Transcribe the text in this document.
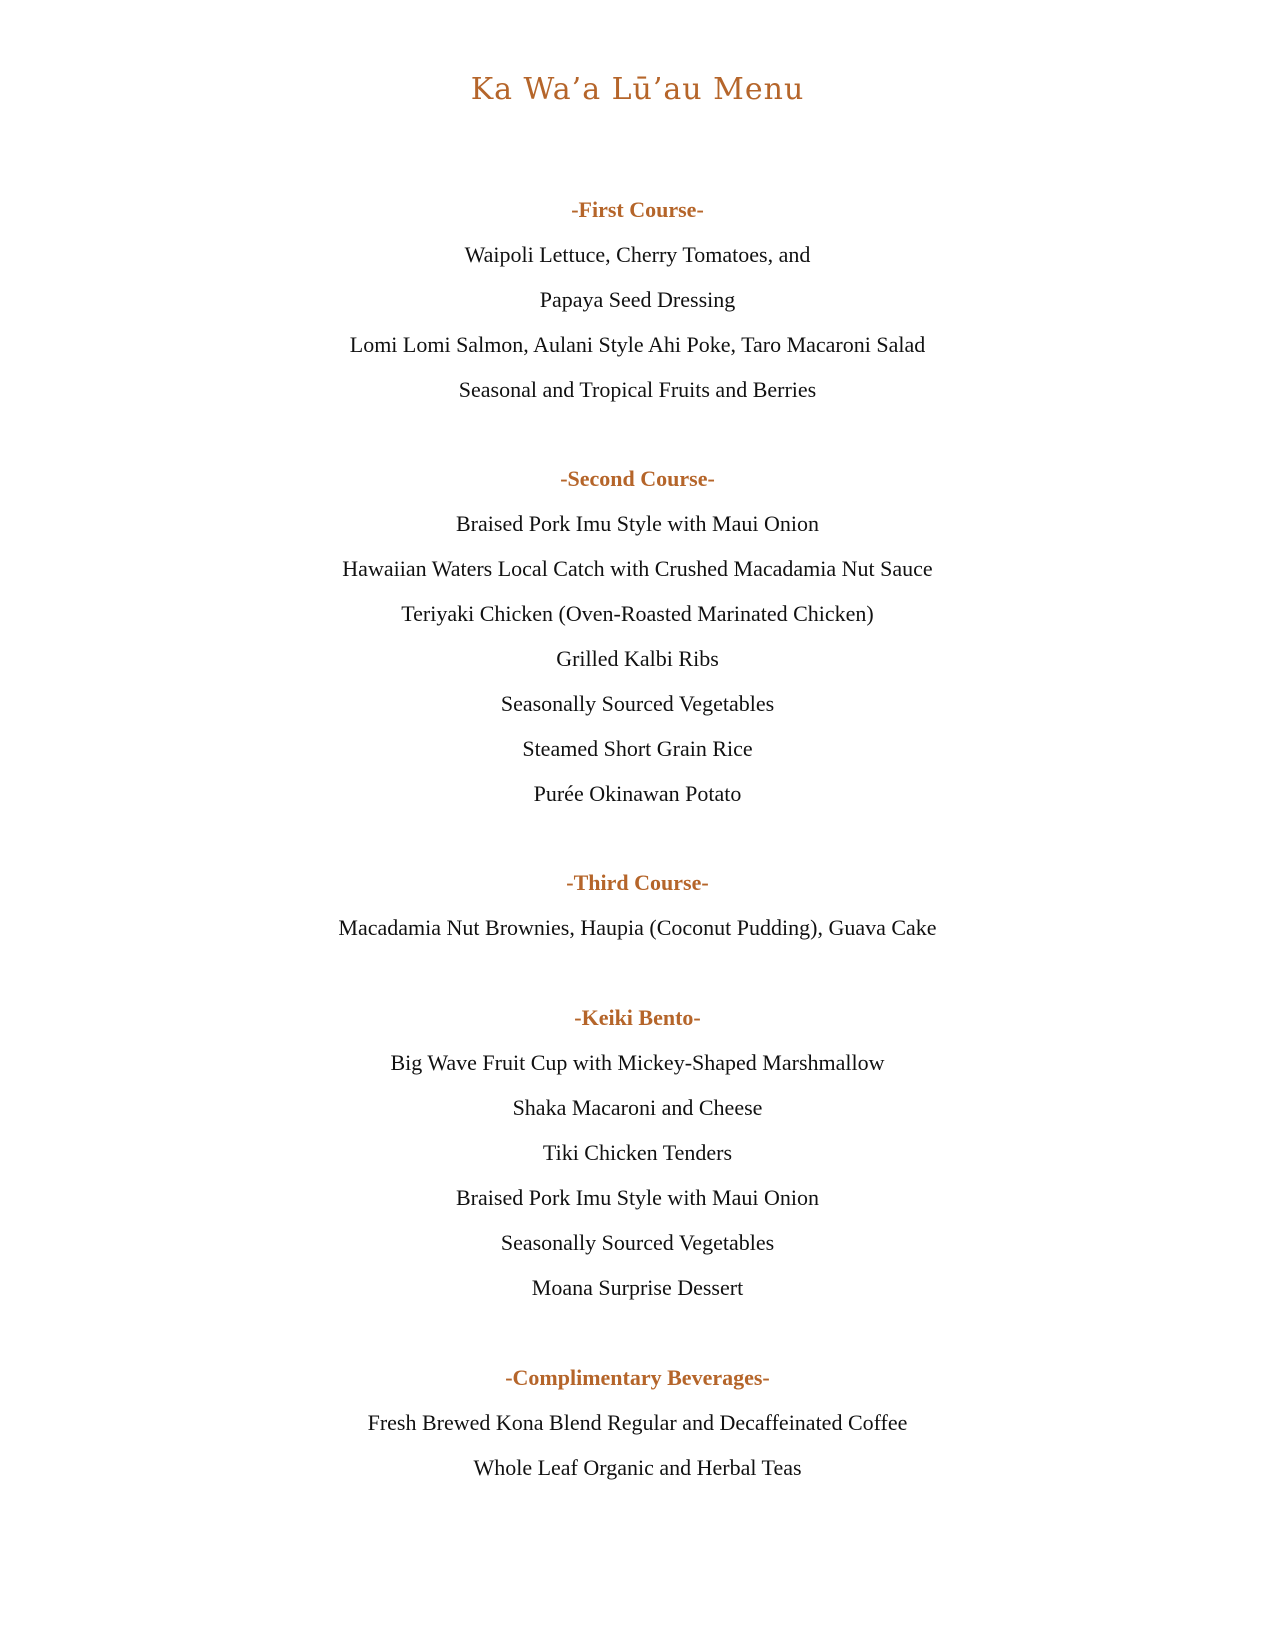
Ka Wa’a Lū’au Menu
-First Course-
Waipoli Lettuce, Cherry Tomatoes, and
Papaya Seed Dressing
Lomi Lomi Salmon, Aulani Style Ahi Poke, Taro Macaroni Salad
Seasonal and Tropical Fruits and Berries
-Second Course-
Braised Pork Imu Style with Maui Onion
Hawaiian Waters Local Catch with Crushed Macadamia Nut Sauce
Teriyaki Chicken (Oven-Roasted Marinated Chicken)
Grilled Kalbi Ribs
Seasonally Sourced Vegetables
Steamed Short Grain Rice
Purée Okinawan Potato
-Third Course-
Macadamia Nut Brownies, Haupia (Coconut Pudding), Guava Cake
-Keiki Bento-
Big Wave Fruit Cup with Mickey-Shaped Marshmallow
Shaka Macaroni and Cheese
Tiki Chicken Tenders
Braised Pork Imu Style with Maui Onion
Seasonally Sourced Vegetables
Moana Surprise Dessert
-Complimentary Beverages-
Fresh Brewed Kona Blend Regular and Decaffeinated Coffee
Whole Leaf Organic and Herbal Teas
